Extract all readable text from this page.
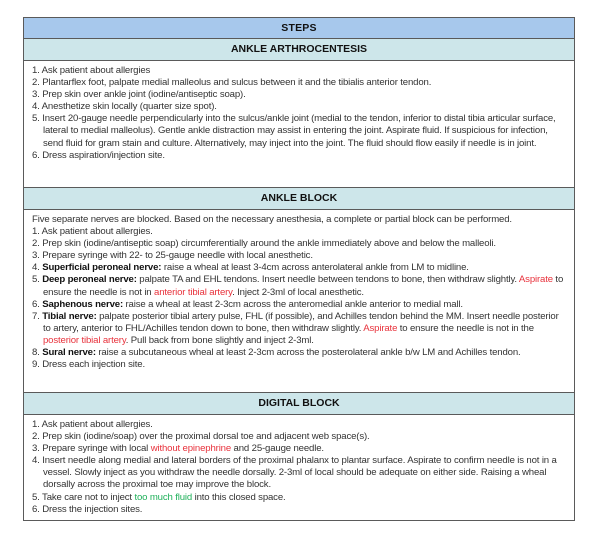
STEPS
ANKLE ARTHROCENTESIS
1. Ask patient about allergies
2. Plantarflex foot, palpate medial malleolus and sulcus between it and the tibialis anterior tendon.
3. Prep skin over ankle joint (iodine/antiseptic soap).
4. Anesthetize skin locally (quarter size spot).
5. Insert 20-gauge needle perpendicularly into the sulcus/ankle joint (medial to the tendon, inferior to distal tibia articular surface, lateral to medial malleolus). Gentle ankle distraction may assist in entering the joint. Aspirate fluid. If suspicious for infection, send fluid for gram stain and culture. Alternatively, may inject into the joint. The fluid should flow easily if needle is in joint.
6. Dress aspiration/injection site.
ANKLE BLOCK
Five separate nerves are blocked. Based on the necessary anesthesia, a complete or partial block can be performed.
1. Ask patient about allergies.
2. Prep skin (iodine/antiseptic soap) circumferentially around the ankle immediately above and below the malleoli.
3. Prepare syringe with 22- to 25-gauge needle with local anesthetic.
4. Superficial peroneal nerve: raise a wheal at least 3-4cm across anterolateral ankle from LM to midline.
5. Deep peroneal nerve: palpate TA and EHL tendons. Insert needle between tendons to bone, then withdraw slightly. Aspirate to ensure the needle is not in anterior tibial artery. Inject 2-3ml of local anesthetic.
6. Saphenous nerve: raise a wheal at least 2-3cm across the anteromedial ankle anterior to medial mall.
7. Tibial nerve: palpate posterior tibial artery pulse, FHL (if possible), and Achilles tendon behind the MM. Insert needle posterior to artery, anterior to FHL/Achilles tendon down to bone, then withdraw slightly. Aspirate to ensure the needle is not in the posterior tibial artery. Pull back from bone slightly and inject 2-3ml.
8. Sural nerve: raise a subcutaneous wheal at least 2-3cm across the posterolateral ankle b/w LM and Achilles tendon.
9. Dress each injection site.
DIGITAL BLOCK
1. Ask patient about allergies.
2. Prep skin (iodine/soap) over the proximal dorsal toe and adjacent web space(s).
3. Prepare syringe with local without epinephrine and 25-gauge needle.
4. Insert needle along medial and lateral borders of the proximal phalanx to plantar surface. Aspirate to confirm needle is not in a vessel. Slowly inject as you withdraw the needle dorsally. 2-3ml of local should be adequate on either side. Raising a wheal dorsally across the proximal toe may improve the block.
5. Take care not to inject too much fluid into this closed space.
6. Dress the injection sites.
